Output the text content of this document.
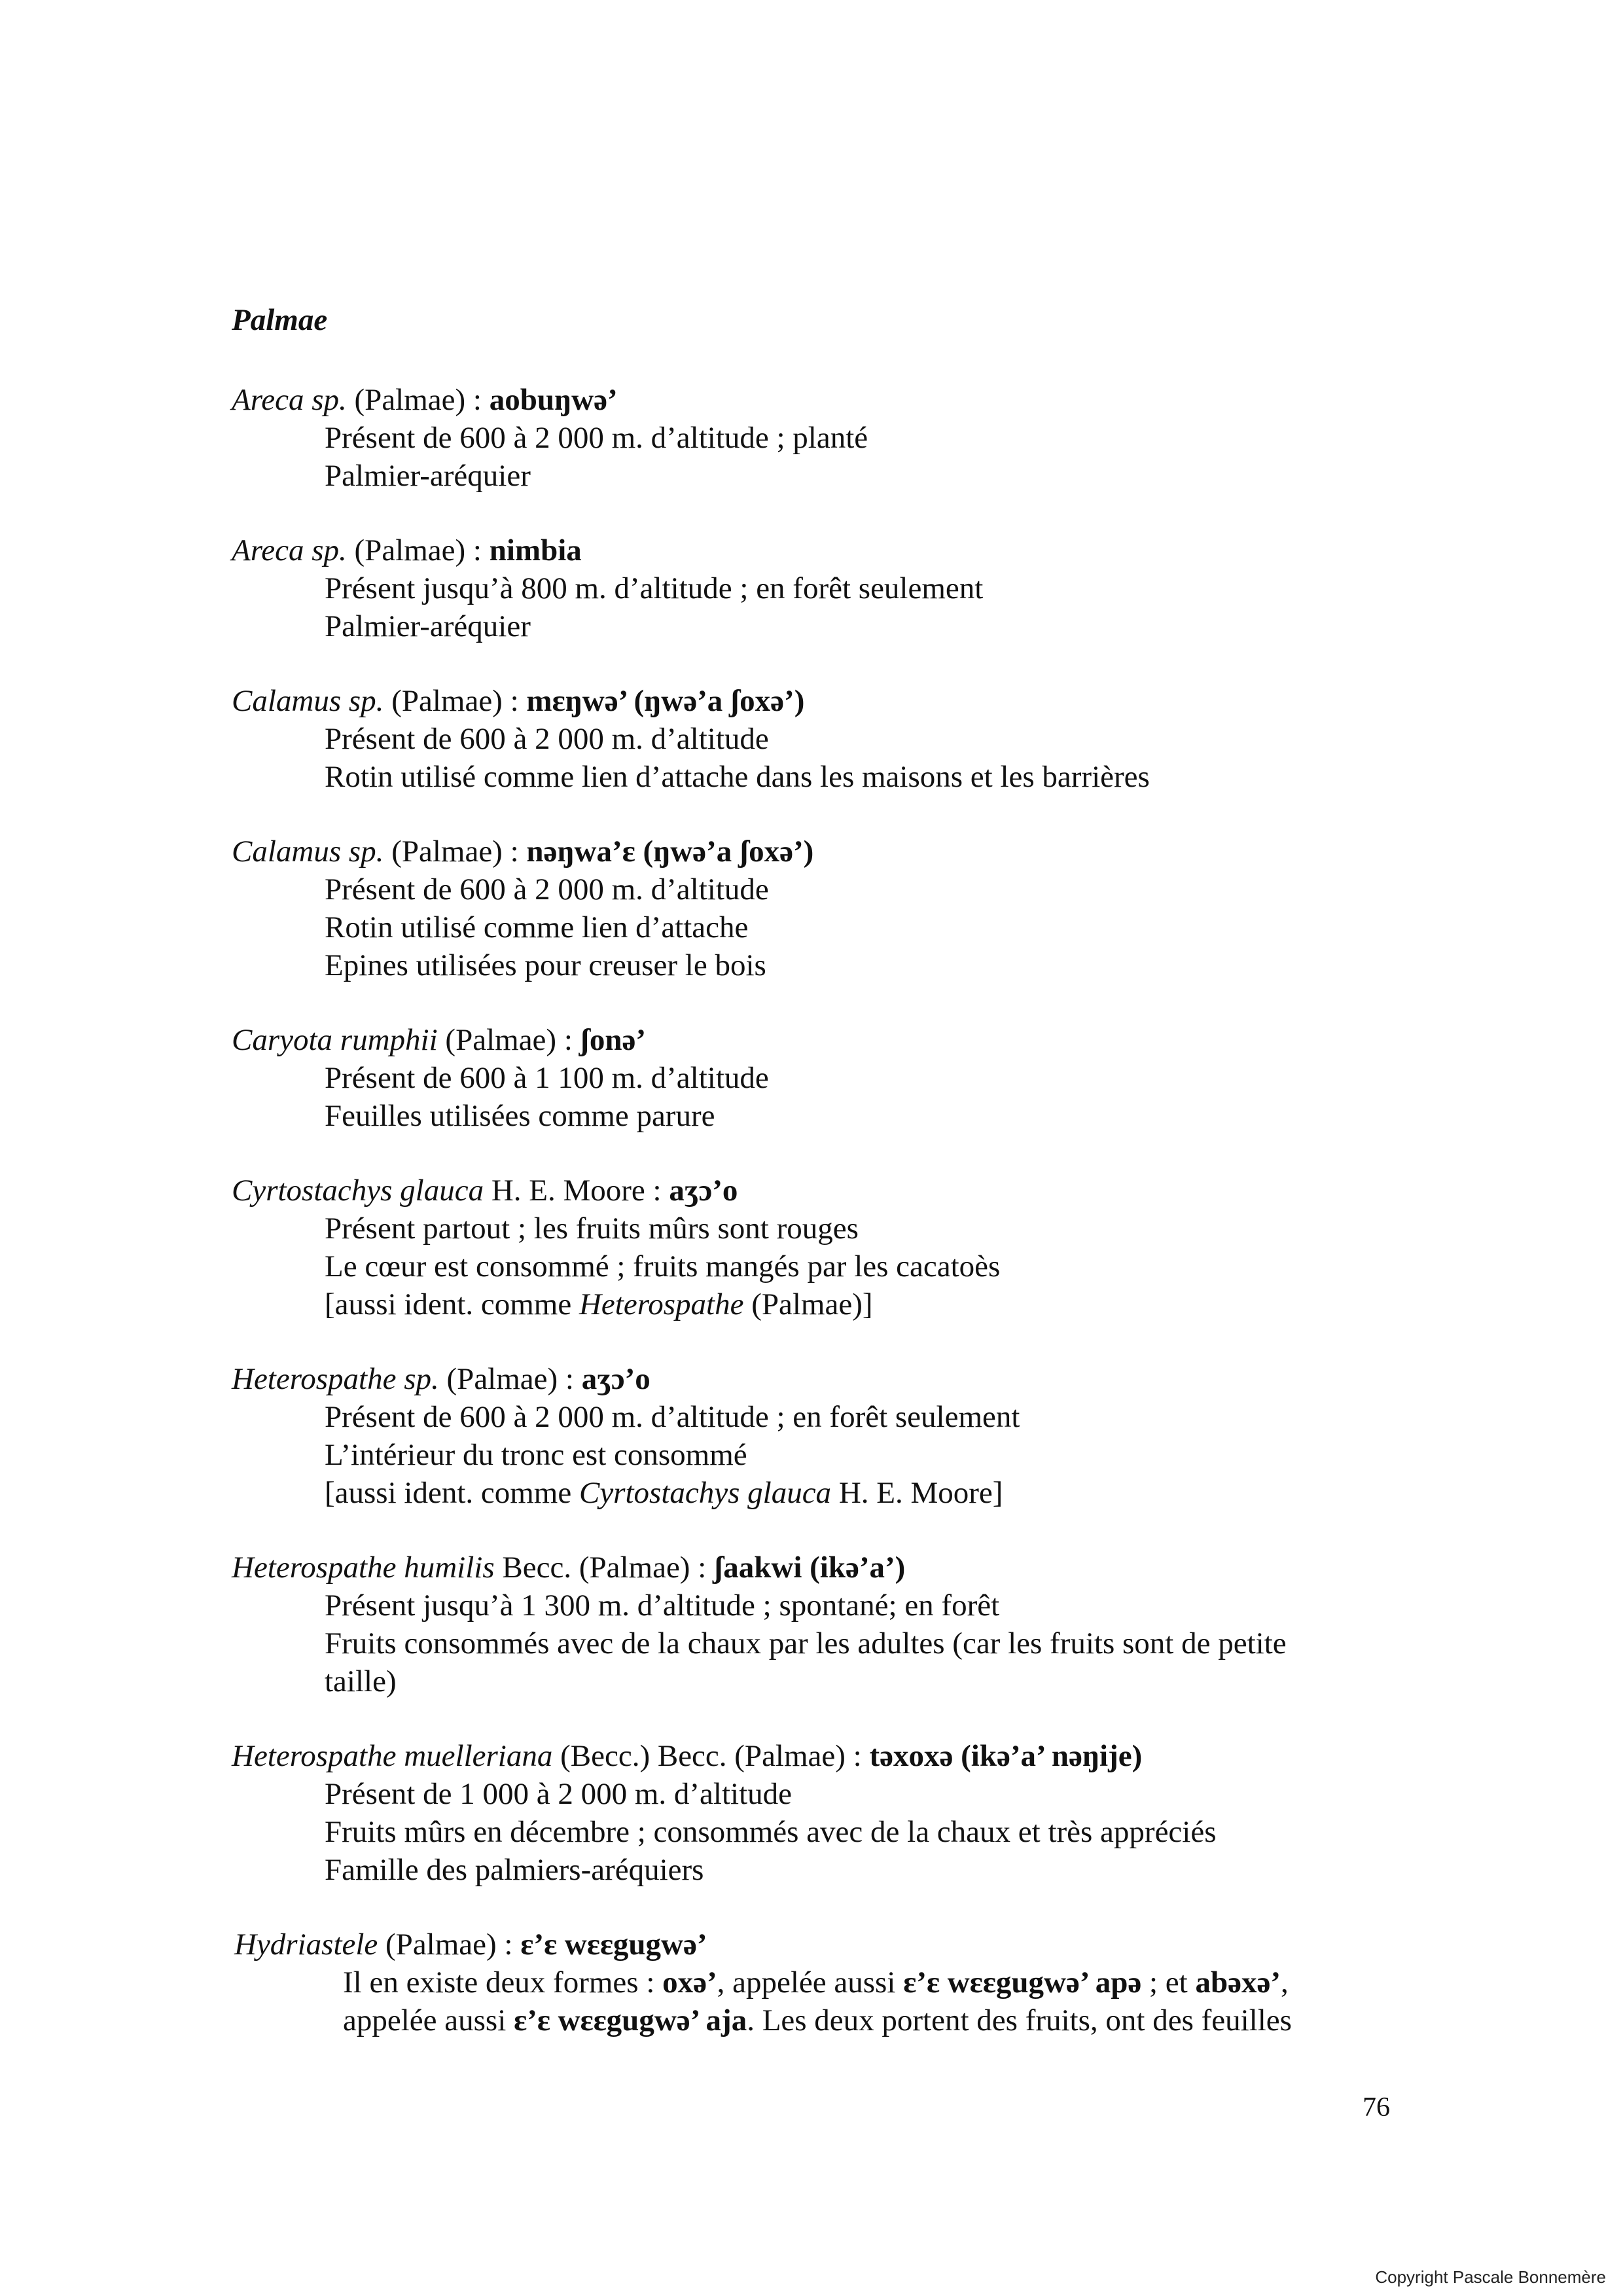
Palmae
Areca sp. (Palmae) : aobuŋwə’
Présent de 600 à 2 000 m. d’altitude ; planté
Palmier-aréquier
Areca sp. (Palmae) : nimbia
Présent jusqu’à 800 m. d’altitude ; en forêt seulement
Palmier-aréquier
Calamus sp. (Palmae) : mɛŋwə’ (ŋwə’a ʃoxə’)
Présent de 600 à 2 000 m. d’altitude
Rotin utilisé comme lien d’attache dans les maisons et les barrières
Calamus sp. (Palmae) : nəŋwa’ɛ (ŋwə’a ʃoxə’)
Présent de 600 à 2 000 m. d’altitude
Rotin utilisé comme lien d’attache
Epines utilisées pour creuser le bois
Caryota rumphii (Palmae) : ʃonə’
Présent de 600 à 1 100 m. d’altitude
Feuilles utilisées comme parure
Cyrtostachys glauca H. E. Moore : aʒɔ’o
Présent partout ; les fruits mûrs sont rouges
Le cœur est consommé ; fruits mangés par les cacatoès
[aussi ident. comme Heterospathe (Palmae)]
Heterospathe sp. (Palmae) : aʒɔ’o
Présent de 600 à 2 000 m. d’altitude ; en forêt seulement
L’intérieur du tronc est consommé
[aussi ident. comme Cyrtostachys glauca H. E. Moore]
Heterospathe humilis Becc. (Palmae) : ʃaakwi (ikə’a’)
Présent jusqu’à 1 300 m. d’altitude ; spontané; en forêt
Fruits consommés avec de la chaux par les adultes (car les fruits sont de petite
taille)
Heterospathe muelleriana (Becc.) Becc. (Palmae) : təxoxə (ikə’a’ nəŋije)
Présent de 1 000 à 2 000 m. d’altitude
Fruits mûrs en décembre ; consommés avec de la chaux et très appréciés
Famille des palmiers-aréquiers
Hydriastele (Palmae) : ɛ’ɛ wɛɛgugwə’
Il en existe deux formes : oxə’, appelée aussi ɛ’ɛ wɛɛgugwə’ apə ; et abəxə’,
appelée aussi ɛ’ɛ wɛɛgugwə’ aja. Les deux portent des fruits, ont des feuilles
76
Copyright Pascale Bonnemère
